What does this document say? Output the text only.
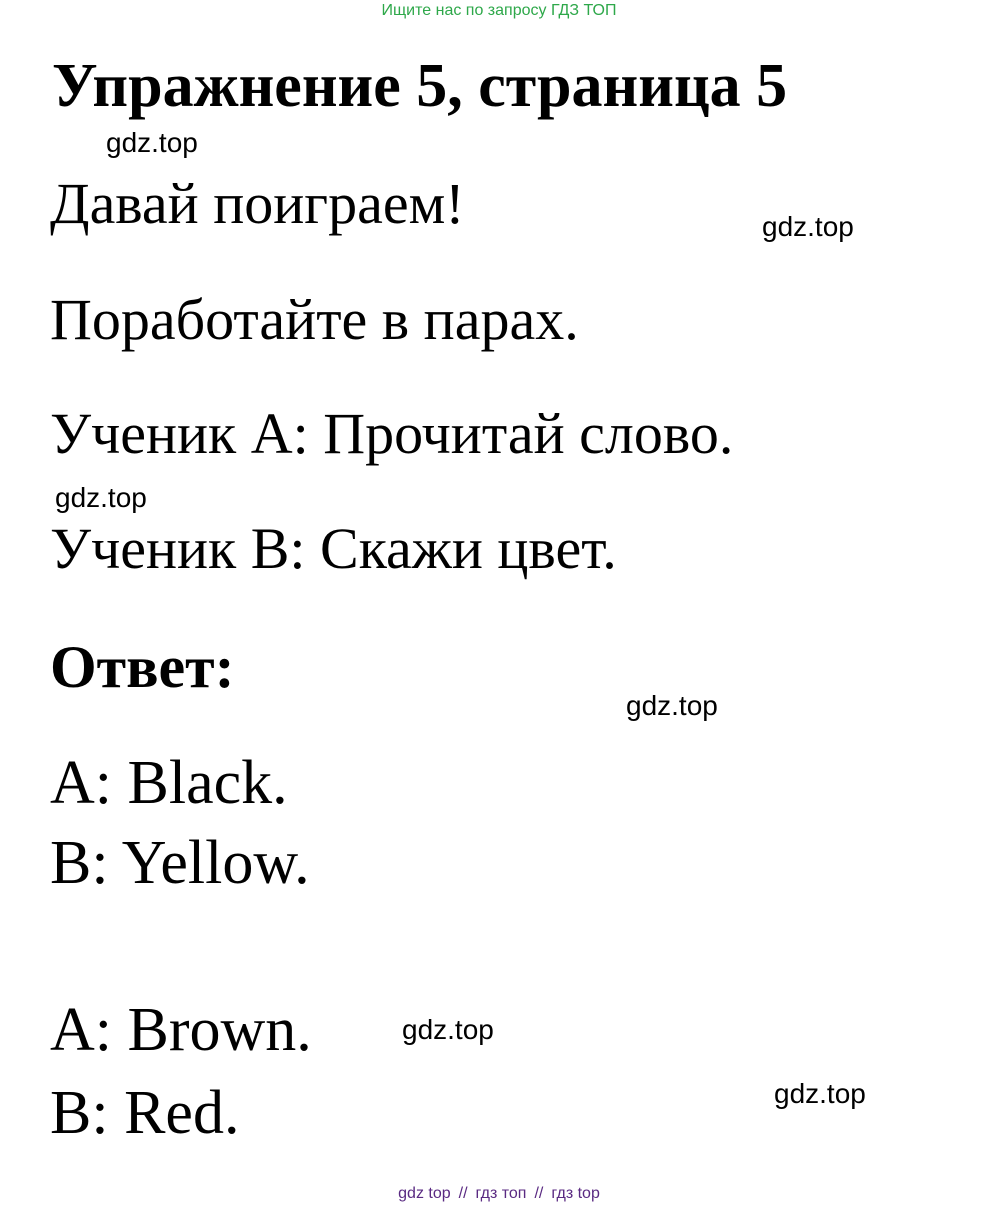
Ищите нас по запросу ГДЗ ТОП
Упражнение 5, страница 5
gdz.top
Давай поиграем!	gdz.top
Поработайте в парах.
Ученик А: Прочитай слово.
gdz.top
Ученик В: Скажи цвет.
Ответ:
gdz.top
A: Black.
B: Yellow.
A: Brown.	gdz.top
B: Red.	gdz.top
gdz top // гдз топ // гдз top
